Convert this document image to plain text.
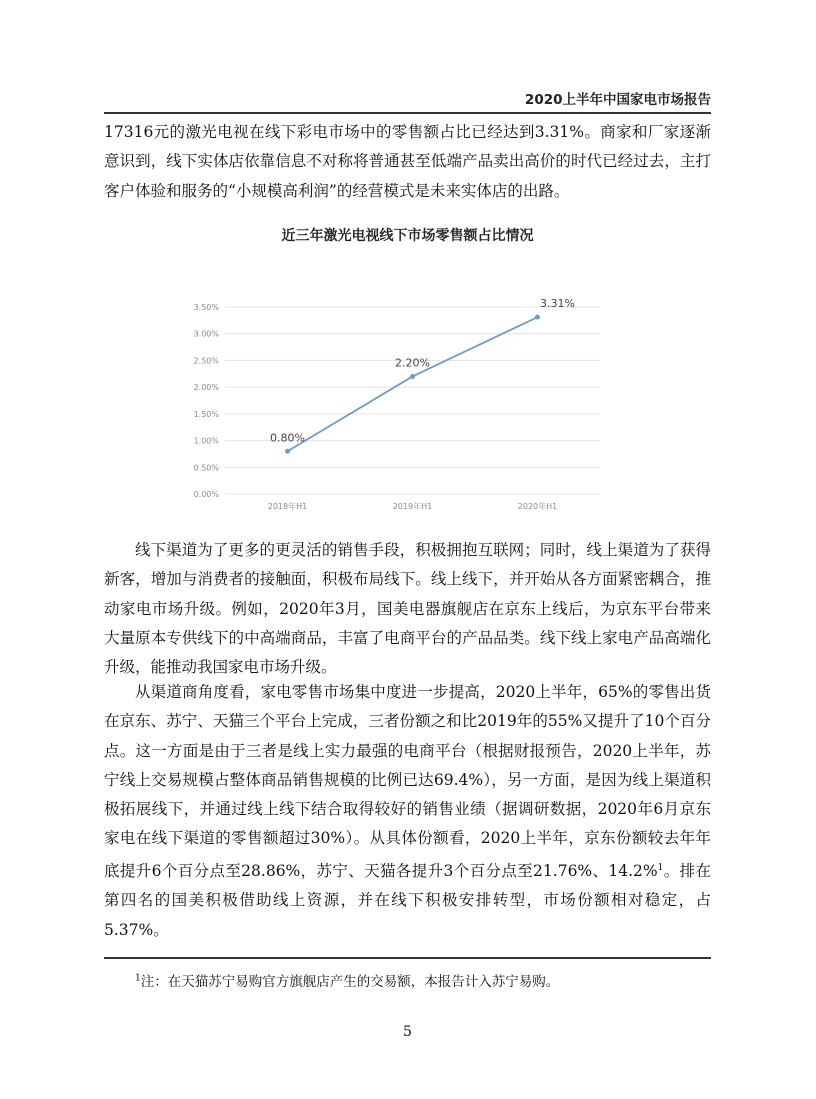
2020上半年中国家电市场报告

17316元的激光电视在线下彩电市场中的零售额占比已经达到3.31%。商家和厂家逐渐意识到，线下实体店依靠信息不对称将普通甚至低端产品卖出高价的时代已经过去，主打客户体验和服务的“小规模高利润”的经营模式是未来实体店的出路。

近三年激光电视线下市场零售额占比情况
0.00%
0.50%
1.00%
1.50%
2.00%
2.50%
3.00%
3.50%
2018年H1	2019年H1	2020年H1
0.80%
2.20%
3.31%

线下渠道为了更多的更灵活的销售手段，积极拥抱互联网；同时，线上渠道为了获得新客，增加与消费者的接触面，积极布局线下。线上线下，并开始从各方面紧密耦合，推动家电市场升级。例如，2020年3月，国美电器旗舰店在京东上线后，为京东平台带来大量原本专供线下的中高端商品，丰富了电商平台的产品品类。线下线上家电产品高端化升级，能推动我国家电市场升级。

从渠道商角度看，家电零售市场集中度进一步提高，2020上半年，65%的零售出货在京东、苏宁、天猫三个平台上完成，三者份额之和比2019年的55%又提升了10个百分点。这一方面是由于三者是线上实力最强的电商平台（根据财报预告，2020上半年，苏宁线上交易规模占整体商品销售规模的比例已达69.4%），另一方面，是因为线上渠道积极拓展线下，并通过线上线下结合取得较好的销售业绩（据调研数据，2020年6月京东家电在线下渠道的零售额超过30%）。从具体份额看，2020上半年，京东份额较去年年底提升6个百分点至28.86%，苏宁、天猫各提升3个百分点至21.76%、14.2%$^1$。排在第四名的国美积极借助线上资源，并在线下积极安排转型，市场份额相对稳定，占5.37%。

$^1$注：在天猫苏宁易购官方旗舰店产生的交易额，本报告计入苏宁易购。
5
